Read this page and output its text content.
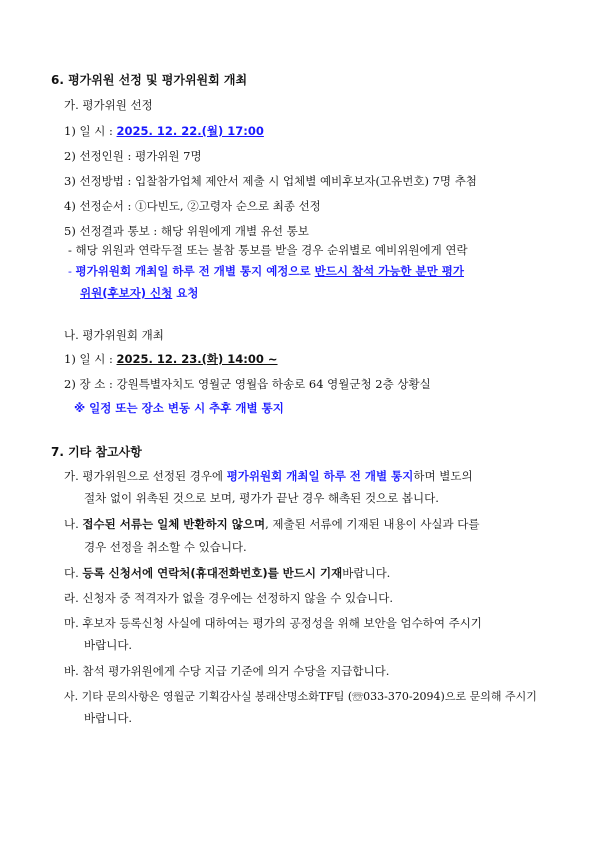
6. 평가위원 선정 및 평가위원회 개최
가. 평가위원 선정
1) 일 시 : 2025. 12. 22.(월) 17:00
2) 선정인원 : 평가위원 7명
3) 선정방법 : 입찰참가업체 제안서 제출 시 업체별 예비후보자(고유번호) 7명 추첨
4) 선정순서 : ①다빈도, ②고령자 순으로 최종 선정
5) 선정결과 통보 : 해당 위원에게 개별 유선 통보
- 해당 위원과 연락두절 또는 불참 통보를 받을 경우 순위별로 예비위원에게 연락
- 평가위원회 개최일 하루 전 개별 통지 예정으로 반드시 참석 가능한 분만 평가
위원(후보자) 신청 요청
나. 평가위원회 개최
1) 일 시 : 2025. 12. 23.(화) 14:00 ~
2) 장 소 : 강원특별자치도 영월군 영월읍 하송로 64 영월군청 2층 상황실
※ 일정 또는 장소 변동 시 추후 개별 통지
7. 기타 참고사항
가. 평가위원으로 선정된 경우에 평가위원회 개최일 하루 전 개별 통지하며 별도의
절차 없이 위촉된 것으로 보며, 평가가 끝난 경우 해촉된 것으로 봅니다.
나. 접수된 서류는 일체 반환하지 않으며, 제출된 서류에 기재된 내용이 사실과 다를
경우 선정을 취소할 수 있습니다.
다. 등록 신청서에 연락처(휴대전화번호)를 반드시 기재바랍니다.
라. 신청자 중 적격자가 없을 경우에는 선정하지 않을 수 있습니다.
마. 후보자 등록신청 사실에 대하여는 평가의 공정성을 위해 보안을 엄수하여 주시기
바랍니다.
바. 참석 평가위원에게 수당 지급 기준에 의거 수당을 지급합니다.
사. 기타 문의사항은 영월군 기획감사실 봉래산명소화TF팀 (☏033-370-2094)으로 문의해 주시기
바랍니다.
